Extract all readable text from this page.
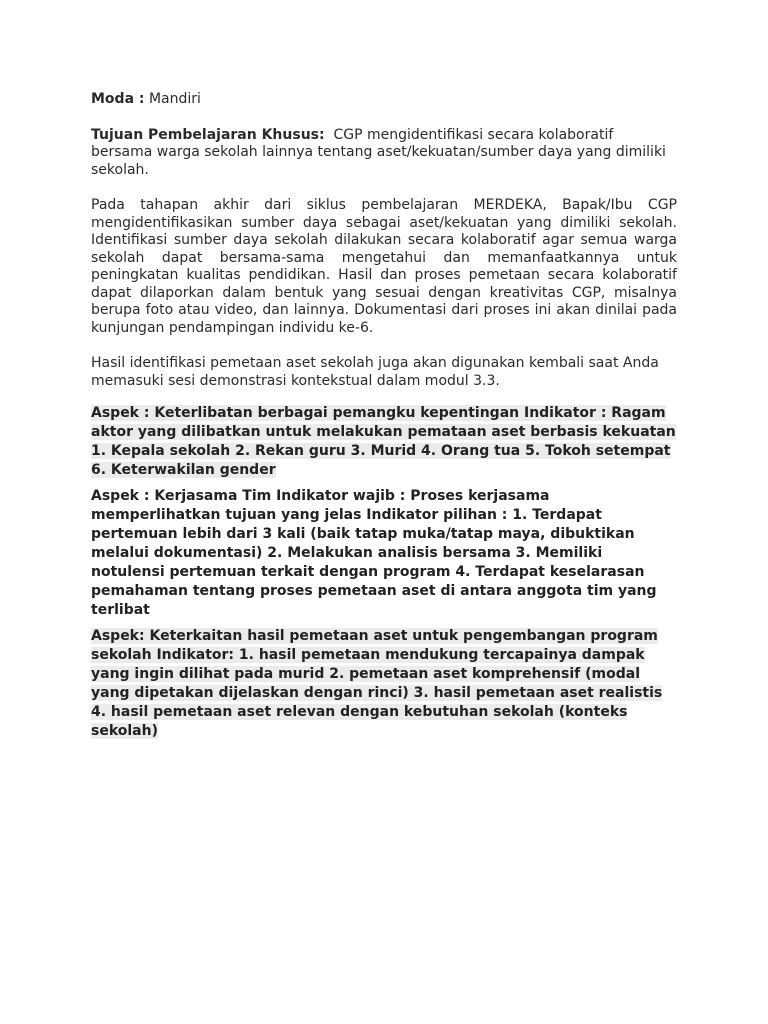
Moda : Mandiri

Tujuan Pembelajaran Khusus:  CGP mengidentifikasi secara kolaboratif bersama warga sekolah lainnya tentang aset/kekuatan/sumber daya yang dimiliki sekolah.

Pada tahapan akhir dari siklus pembelajaran MERDEKA, Bapak/Ibu CGP mengidentifikasikan sumber daya sebagai aset/kekuatan yang dimiliki sekolah. Identifikasi sumber daya sekolah dilakukan secara kolaboratif agar semua warga sekolah dapat bersama-sama mengetahui dan memanfaatkannya untuk peningkatan kualitas pendidikan. Hasil dan proses pemetaan secara kolaboratif dapat dilaporkan dalam bentuk yang sesuai dengan kreativitas CGP, misalnya berupa foto atau video, dan lainnya. Dokumentasi dari proses ini akan dinilai pada kunjungan pendampingan individu ke-6.

Hasil identifikasi pemetaan aset sekolah juga akan digunakan kembali saat Anda memasuki sesi demonstrasi kontekstual dalam modul 3.3.

Aspek : Keterlibatan berbagai pemangku kepentingan Indikator : Ragam aktor yang dilibatkan untuk melakukan pemataan aset berbasis kekuatan 1. Kepala sekolah 2. Rekan guru 3. Murid 4. Orang tua 5. Tokoh setempat 6. Keterwakilan gender

Aspek : Kerjasama Tim Indikator wajib : Proses kerjasama memperlihatkan tujuan yang jelas Indikator pilihan : 1. Terdapat pertemuan lebih dari 3 kali (baik tatap muka/tatap maya, dibuktikan melalui dokumentasi) 2. Melakukan analisis bersama 3. Memiliki notulensi pertemuan terkait dengan program 4. Terdapat keselarasan pemahaman tentang proses pemetaan aset di antara anggota tim yang terlibat

Aspek: Keterkaitan hasil pemetaan aset untuk pengembangan program sekolah Indikator: 1. hasil pemetaan mendukung tercapainya dampak yang ingin dilihat pada murid 2. pemetaan aset komprehensif (modal yang dipetakan dijelaskan dengan rinci) 3. hasil pemetaan aset realistis 4. hasil pemetaan aset relevan dengan kebutuhan sekolah (konteks sekolah)
